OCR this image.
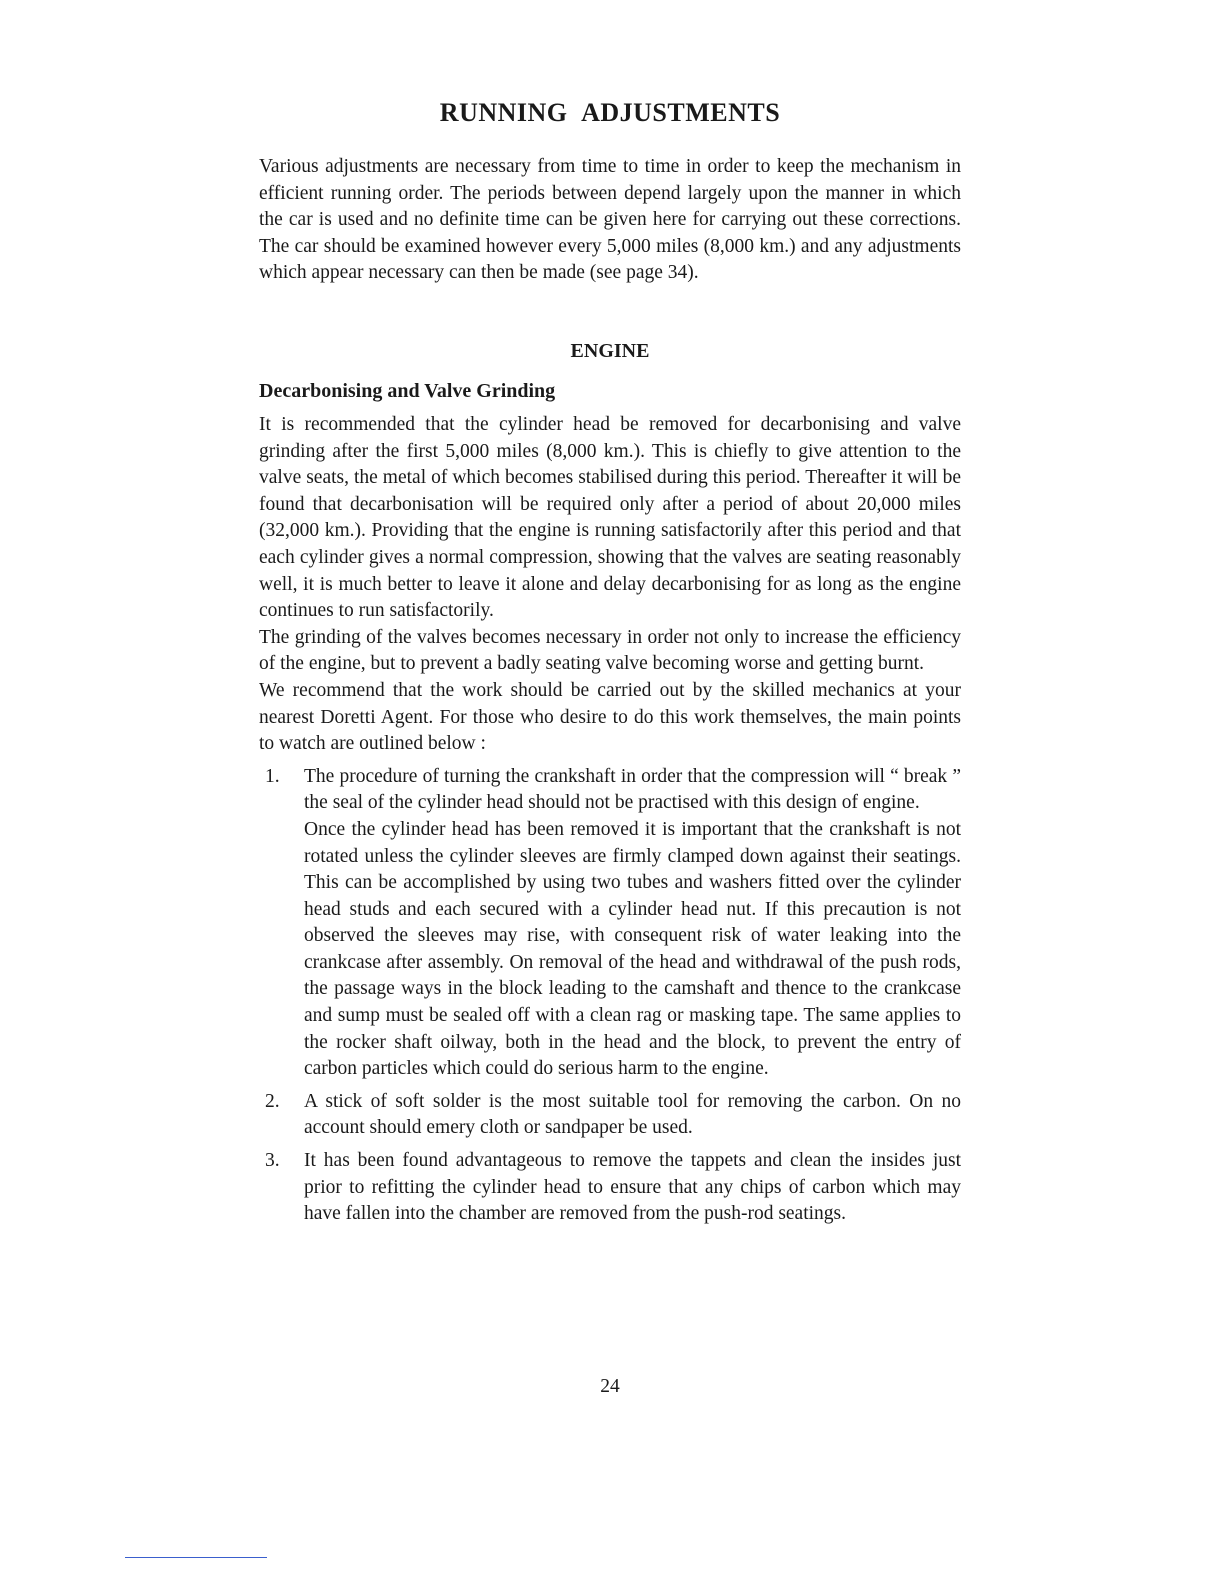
RUNNING ADJUSTMENTS

Various adjustments are necessary from time to time in order to keep the mechanism in efficient running order. The periods between depend largely upon the manner in which the car is used and no definite time can be given here for carrying out these corrections. The car should be examined however every 5,000 miles (8,000 km.) and any adjustments which appear necessary can then be made (see page 34).

ENGINE
Decarbonising and Valve Grinding

It is recommended that the cylinder head be removed for decarbonising and valve grinding after the first 5,000 miles (8,000 km.). This is chiefly to give attention to the valve seats, the metal of which becomes stabilised during this period. Thereafter it will be found that decarbonisation will be required only after a period of about 20,000 miles (32,000 km.). Providing that the engine is running satisfactorily after this period and that each cylinder gives a normal compression, showing that the valves are seating reasonably well, it is much better to leave it alone and delay decarbonising for as long as the engine continues to run satisfactorily.

The grinding of the valves becomes necessary in order not only to increase the efficiency of the engine, but to prevent a badly seating valve becoming worse and getting burnt.

We recommend that the work should be carried out by the skilled mechanics at your nearest Doretti Agent. For those who desire to do this work themselves, the main points to watch are outlined below :

1. The procedure of turning the crankshaft in order that the compression will “ break ” the seal of the cylinder head should not be practised with this design of engine.

Once the cylinder head has been removed it is important that the crankshaft is not rotated unless the cylinder sleeves are firmly clamped down against their seatings. This can be accomplished by using two tubes and washers fitted over the cylinder head studs and each secured with a cylinder head nut. If this precaution is not observed the sleeves may rise, with consequent risk of water leaking into the crankcase after assembly. On removal of the head and withdrawal of the push rods, the passage ways in the block leading to the camshaft and thence to the crankcase and sump must be sealed off with a clean rag or masking tape. The same applies to the rocker shaft oilway, both in the head and the block, to prevent the entry of carbon particles which could do serious harm to the engine.

2. A stick of soft solder is the most suitable tool for removing the carbon. On no account should emery cloth or sandpaper be used.

3. It has been found advantageous to remove the tappets and clean the insides just prior to refitting the cylinder head to ensure that any chips of carbon which may have fallen into the chamber are removed from the push-rod seatings.

24
